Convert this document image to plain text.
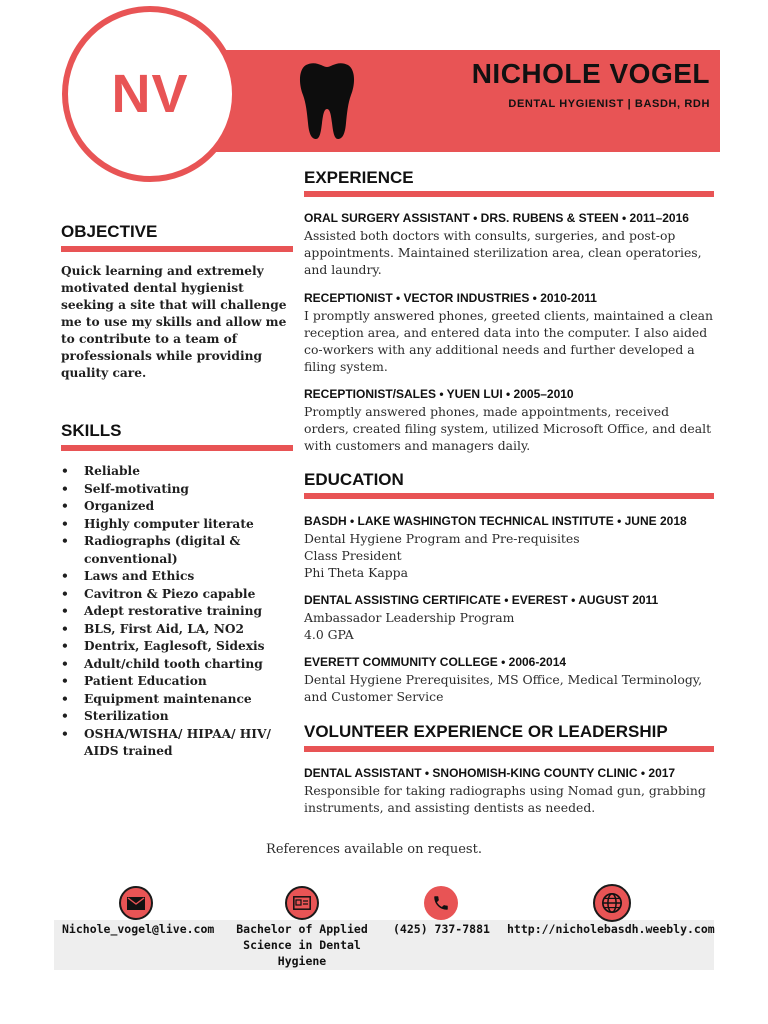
NV	NICHOLE VOGEL
DENTAL HYGIENIST | BASDH, RDH
OBJECTIVE
Quick learning and extremely motivated dental hygienist seeking a site that will challenge me to use my skills and allow me to contribute to a team of professionals while providing quality care.
SKILLS
• Reliable
• Self-motivating
• Organized
• Highly computer literate
• Radiographs (digital & conventional)
• Laws and Ethics
• Cavitron & Piezo capable
• Adept restorative training
• BLS, First Aid, LA, NO2
• Dentrix, Eaglesoft, Sidexis
• Adult/child tooth charting
• Patient Education
• Equipment maintenance
• Sterilization
• OSHA/WISHA/ HIPAA/ HIV/ AIDS trained
EXPERIENCE
ORAL SURGERY ASSISTANT • DRS. RUBENS & STEEN • 2011–2016
Assisted both doctors with consults, surgeries, and post-op appointments. Maintained sterilization area, clean operatories, and laundry.
RECEPTIONIST • VECTOR INDUSTRIES • 2010-2011
I promptly answered phones, greeted clients, maintained a clean reception area, and entered data into the computer. I also aided co-workers with any additional needs and further developed a filing system.
RECEPTIONIST/SALES • YUEN LUI • 2005–2010
Promptly answered phones, made appointments, received orders, created filing system, utilized Microsoft Office, and dealt with customers and managers daily.
EDUCATION
BASDH • LAKE WASHINGTON TECHNICAL INSTITUTE • JUNE 2018
Dental Hygiene Program and Pre-requisites
Class President
Phi Theta Kappa
DENTAL ASSISTING CERTIFICATE • EVEREST • AUGUST 2011
Ambassador Leadership Program
4.0 GPA
EVERETT COMMUNITY COLLEGE • 2006-2014
Dental Hygiene Prerequisites, MS Office, Medical Terminology, and Customer Service
VOLUNTEER EXPERIENCE OR LEADERSHIP
DENTAL ASSISTANT • SNOHOMISH-KING COUNTY CLINIC • 2017
Responsible for taking radiographs using Nomad gun, grabbing instruments, and assisting dentists as needed.
References available on request.
Nichole_vogel@live.com	Bachelor of Applied Science in Dental Hygiene
(425) 737-7881 http://nicholebasdh.weebly.com
